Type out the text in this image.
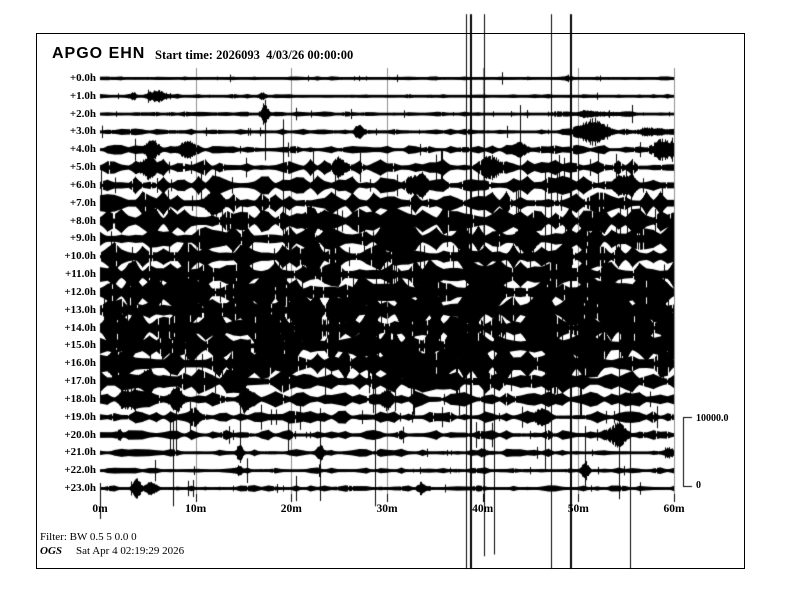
APGO EHN Start time: 2026093  4/03/26 00:00:00
+0.0h
+1.0h
+2.0h
+3.0h
+4.0h
+5.0h
+6.0h
+7.0h
+8.0h
+9.0h
+10.0h
+11.0h
+12.0h
+13.0h
+14.0h
+15.0h
+16.0h
+17.0h
+18.0h
+19.0h
+20.0h
+21.0h
+22.0h
+23.0h
0m	10m	20m	30m	40m	50m	60m
10000.0
0
Filter: BW 0.5 5 0.0 0
OGS Sat Apr 4 02:19:29 2026
